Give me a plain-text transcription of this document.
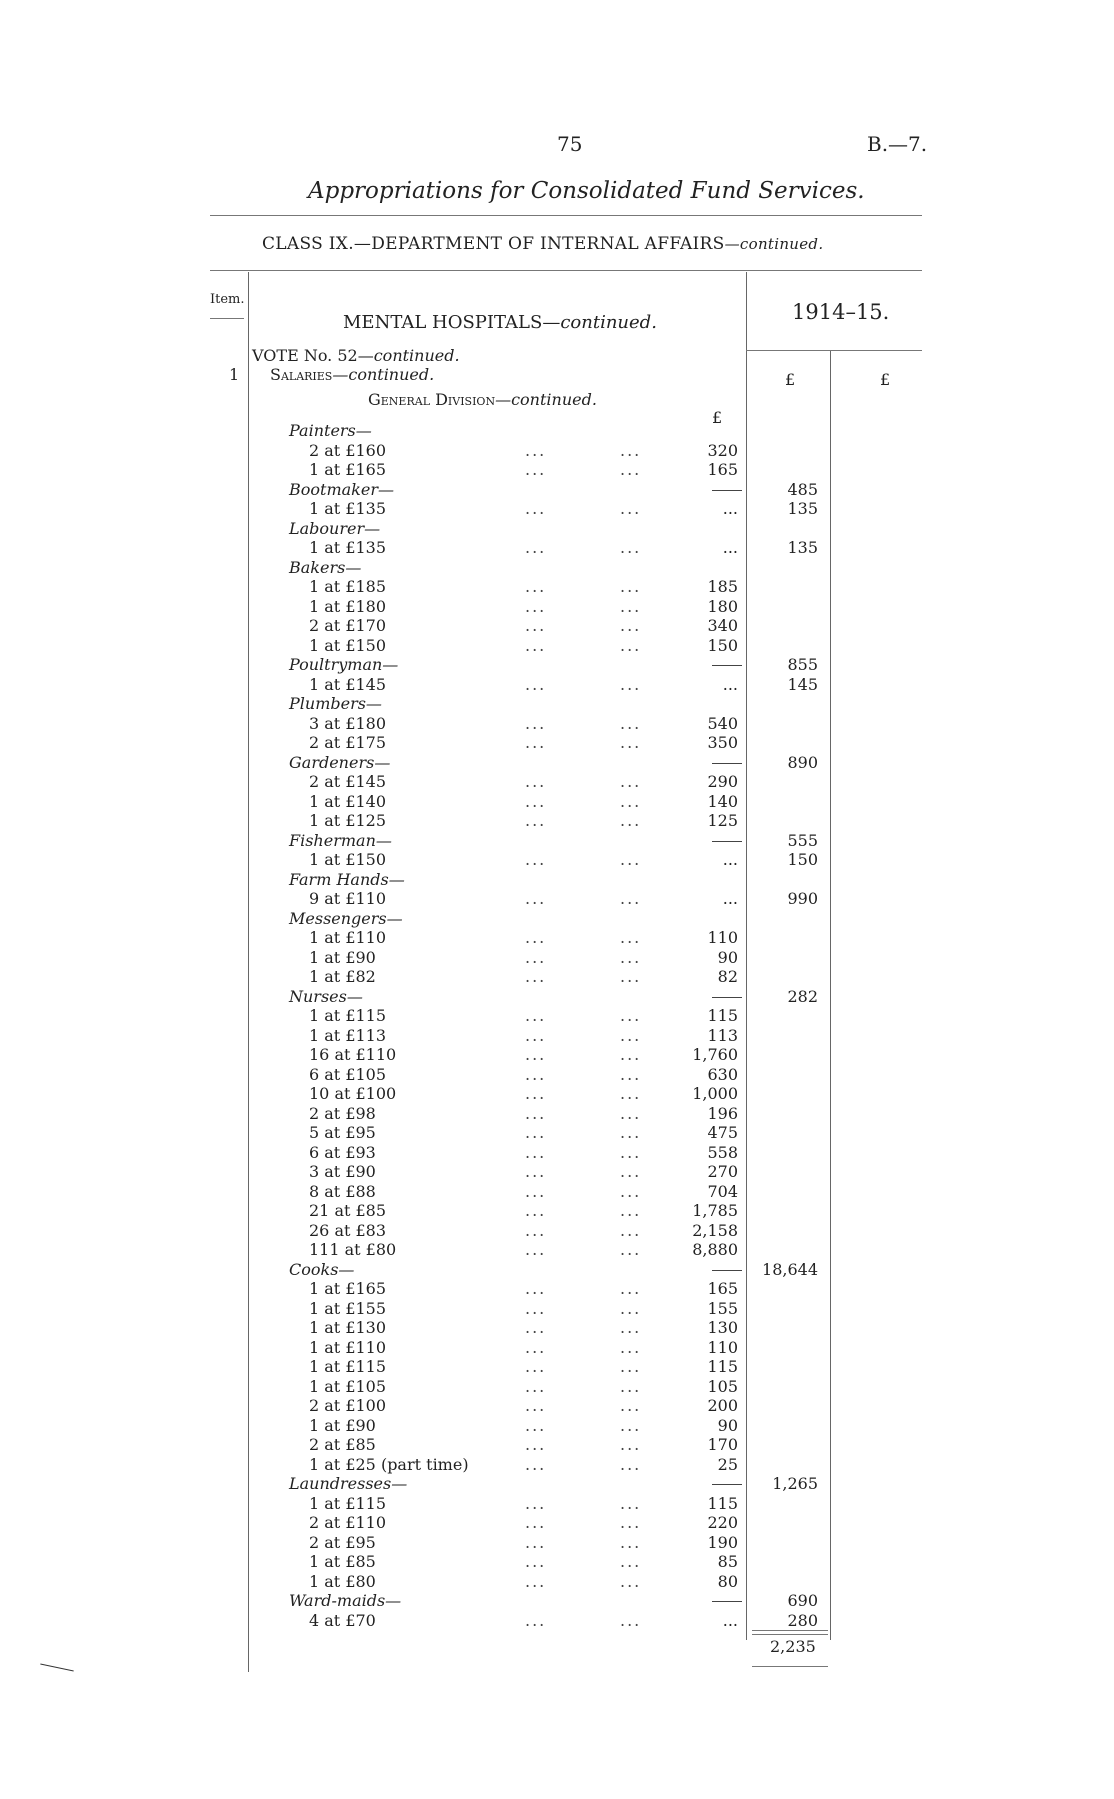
75	B.—7.
Appropriations for Consolidated Fund Services.
CLASS IX.—DEPARTMENT OF INTERNAL AFFAIRS—continued.
Item.
MENTAL HOSPITALS—continued.	1914–15.
VOTE No. 52—continued.
1 Salaries—continued.
General Division—continued.
£	£
£
Painters—
2 at £160	...	...	320
1 at £165	...	...	165
Bootmaker—	485
1 at £135	...	...	...	135
Labourer—
1 at £135	...	...	...	135
Bakers—
1 at £185	...	...	185
1 at £180	...	...	180
2 at £170	...	...	340
1 at £150	...	...	150
Poultryman—	855
1 at £145	...	...	...	145
Plumbers—
3 at £180	...	...	540
2 at £175	...	...	350
Gardeners—	890
2 at £145	...	...	290
1 at £140	...	...	140
1 at £125	...	...	125
Fisherman—	555
1 at £150	...	...	...	150
Farm Hands—
9 at £110	...	...	...	990
Messengers—
1 at £110	...	...	110
1 at £90	...	...	90
1 at £82	...	...	82
Nurses—	282
1 at £115	...	...	115
1 at £113	...	...	113
16 at £110	...	...	1,760
6 at £105	...	...	630
10 at £100	...	...	1,000
2 at £98	...	...	196
5 at £95	...	...	475
6 at £93	...	...	558
3 at £90	...	...	270
8 at £88	...	...	704
21 at £85	...	...	1,785
26 at £83	...	...	2,158
111 at £80	...	...	8,880
Cooks—	18,644
1 at £165	...	...	165
1 at £155	...	...	155
1 at £130	...	...	130
1 at £110	...	...	110
1 at £115	...	...	115
1 at £105	...	...	105
2 at £100	...	...	200
1 at £90	...	...	90
2 at £85	...	...	170
1 at £25 (part time)	...	...	25
Laundresses—	1,265
1 at £115	...	...	115
2 at £110	...	...	220
2 at £95	...	...	190
1 at £85	...	...	85
1 at £80	...	...	80
Ward-maids—	690
4 at £70	...	...	...	280
2,235
